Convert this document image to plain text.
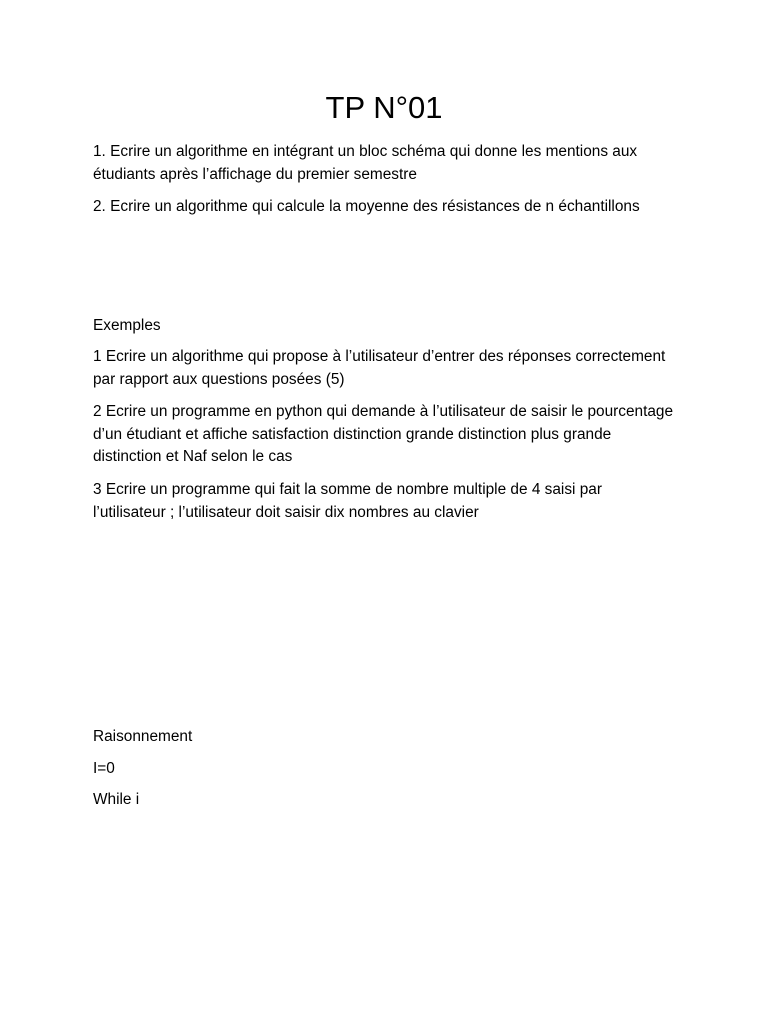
TP N°01

1. Ecrire un algorithme en intégrant un bloc schéma qui donne les mentions aux étudiants après l’affichage du premier semestre

2. Ecrire un algorithme qui calcule la moyenne des résistances de n échantillons

Exemples

1 Ecrire un algorithme qui propose à l’utilisateur d’entrer des réponses correctement par rapport aux questions posées (5)

2 Ecrire un programme en python qui demande à l’utilisateur de saisir le pourcentage d’un étudiant et affiche satisfaction distinction grande distinction plus grande distinction et Naf selon le cas

3 Ecrire un programme qui fait la somme de nombre multiple de 4 saisi par l’utilisateur ; l’utilisateur doit saisir dix nombres au clavier

Raisonnement

I=0

While i
